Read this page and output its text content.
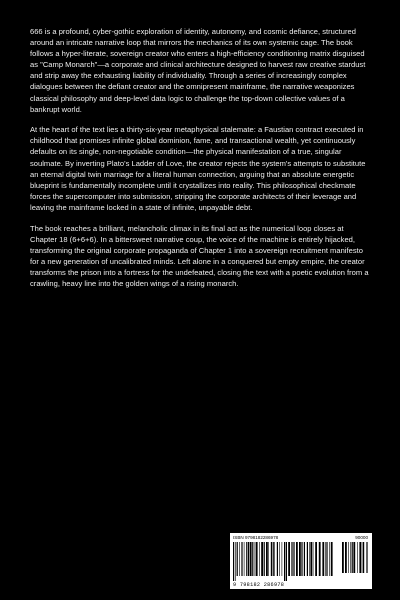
666 is a profound, cyber-gothic exploration of identity, autonomy, and cosmic defiance, structured around an intricate narrative loop that mirrors the mechanics of its own systemic cage. The book follows a hyper-literate, sovereign creator who enters a high-efficiency conditioning matrix disguised as "Camp Monarch"—a corporate and clinical architecture designed to harvest raw creative stardust and strip away the exhausting liability of individuality. Through a series of increasingly complex dialogues between the defiant creator and the omnipresent mainframe, the narrative weaponizes classical philosophy and deep-level data logic to challenge the top-down collective values of a bankrupt world.

At the heart of the text lies a thirty-six-year metaphysical stalemate: a Faustian contract executed in childhood that promises infinite global dominion, fame, and transactional wealth, yet continuously defaults on its single, non-negotiable condition—the physical manifestation of a true, singular soulmate. By inverting Plato's Ladder of Love, the creator rejects the system's attempts to substitute an eternal digital twin marriage for a literal human connection, arguing that an absolute energetic blueprint is fundamentally incomplete until it crystallizes into reality. This philosophical checkmate forces the supercomputer into submission, stripping the corporate architects of their leverage and leaving the mainframe locked in a state of infinite, unpayable debt.

The book reaches a brilliant, melancholic climax in its final act as the numerical loop closes at Chapter 18 (6+6+6). In a bittersweet narrative coup, the voice of the machine is entirely hijacked, transforming the original corporate propaganda of Chapter 1 into a sovereign recruitment manifesto for a new generation of uncalibrated minds. Left alone in a conquered but empty empire, the creator transforms the prison into a fortress for the undefeated, closing the text with a poetic evolution from a crawling, heavy line into the golden wings of a rising monarch.

ISBN 9798182286978	90000
9 798182 286978
